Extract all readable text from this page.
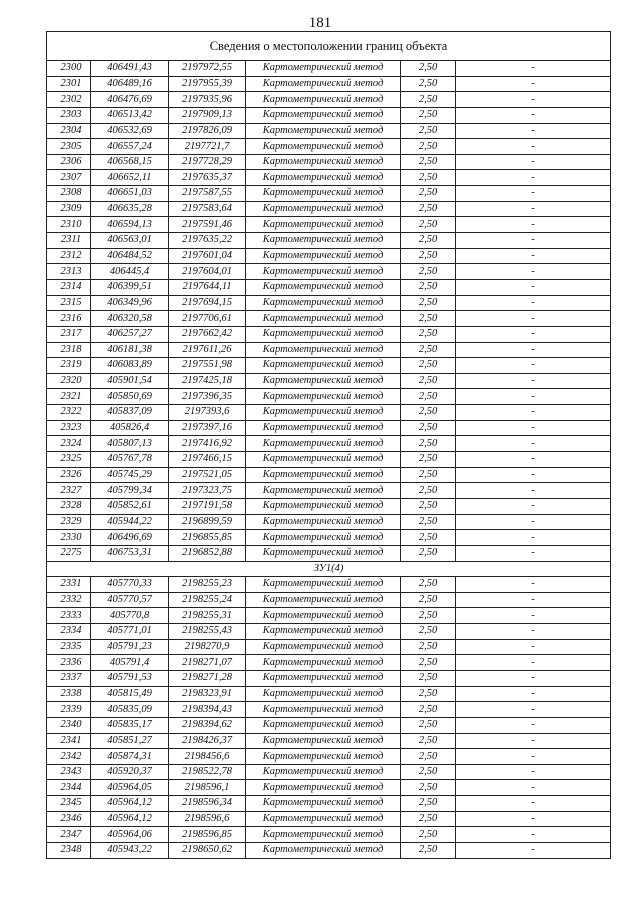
181
Сведения о местоположении границ объекта					
2300	406491,43	2197972,55	Картометрический метод	2,50	-
2301	406489,16	2197955,39	Картометрический метод	2,50	-
2302	406476,69	2197935,96	Картометрический метод	2,50	-
2303	406513,42	2197909,13	Картометрический метод	2,50	-
2304	406532,69	2197826,09	Картометрический метод	2,50	-
2305	406557,24	2197721,7	Картометрический метод	2,50	-
2306	406568,15	2197728,29	Картометрический метод	2,50	-
2307	406652,11	2197635,37	Картометрический метод	2,50	-
2308	406651,03	2197587,55	Картометрический метод	2,50	-
2309	406635,28	2197583,64	Картометрический метод	2,50	-
2310	406594,13	2197591,46	Картометрический метод	2,50	-
2311	406563,01	2197635,22	Картометрический метод	2,50	-
2312	406484,52	2197601,04	Картометрический метод	2,50	-
2313	406445,4	2197604,01	Картометрический метод	2,50	-
2314	406399,51	2197644,11	Картометрический метод	2,50	-
2315	406349,96	2197694,15	Картометрический метод	2,50	-
2316	406320,58	2197706,61	Картометрический метод	2,50	-
2317	406257,27	2197662,42	Картометрический метод	2,50	-
2318	406181,38	2197611,26	Картометрический метод	2,50	-
2319	406083,89	2197551,98	Картометрический метод	2,50	-
2320	405901,54	2197425,18	Картометрический метод	2,50	-
2321	405850,69	2197396,35	Картометрический метод	2,50	-
2322	405837,09	2197393,6	Картометрический метод	2,50	-
2323	405826,4	2197397,16	Картометрический метод	2,50	-
2324	405807,13	2197416,92	Картометрический метод	2,50	-
2325	405767,78	2197466,15	Картометрический метод	2,50	-
2326	405745,29	2197521,05	Картометрический метод	2,50	-
2327	405799,34	2197323,75	Картометрический метод	2,50	-
2328	405852,61	2197191,58	Картометрический метод	2,50	-
2329	405944,22	2196899,59	Картометрический метод	2,50	-
2330	406496,69	2196855,85	Картометрический метод	2,50	-
2275	406753,31	2196852,88	Картометрический метод	2,50	-
ЗУ1(4)					
2331	405770,33	2198255,23	Картометрический метод	2,50	-
2332	405770,57	2198255,24	Картометрический метод	2,50	-
2333	405770,8	2198255,31	Картометрический метод	2,50	-
2334	405771,01	2198255,43	Картометрический метод	2,50	-
2335	405791,23	2198270,9	Картометрический метод	2,50	-
2336	405791,4	2198271,07	Картометрический метод	2,50	-
2337	405791,53	2198271,28	Картометрический метод	2,50	-
2338	405815,49	2198323,91	Картометрический метод	2,50	-
2339	405835,09	2198394,43	Картометрический метод	2,50	-
2340	405835,17	2198394,62	Картометрический метод	2,50	-
2341	405851,27	2198426,37	Картометрический метод	2,50	-
2342	405874,31	2198456,6	Картометрический метод	2,50	-
2343	405920,37	2198522,78	Картометрический метод	2,50	-
2344	405964,05	2198596,1	Картометрический метод	2,50	-
2345	405964,12	2198596,34	Картометрический метод	2,50	-
2346	405964,12	2198596,6	Картометрический метод	2,50	-
2347	405964,06	2198596,85	Картометрический метод	2,50	-
2348	405943,22	2198650,62	Картометрический метод	2,50	-
